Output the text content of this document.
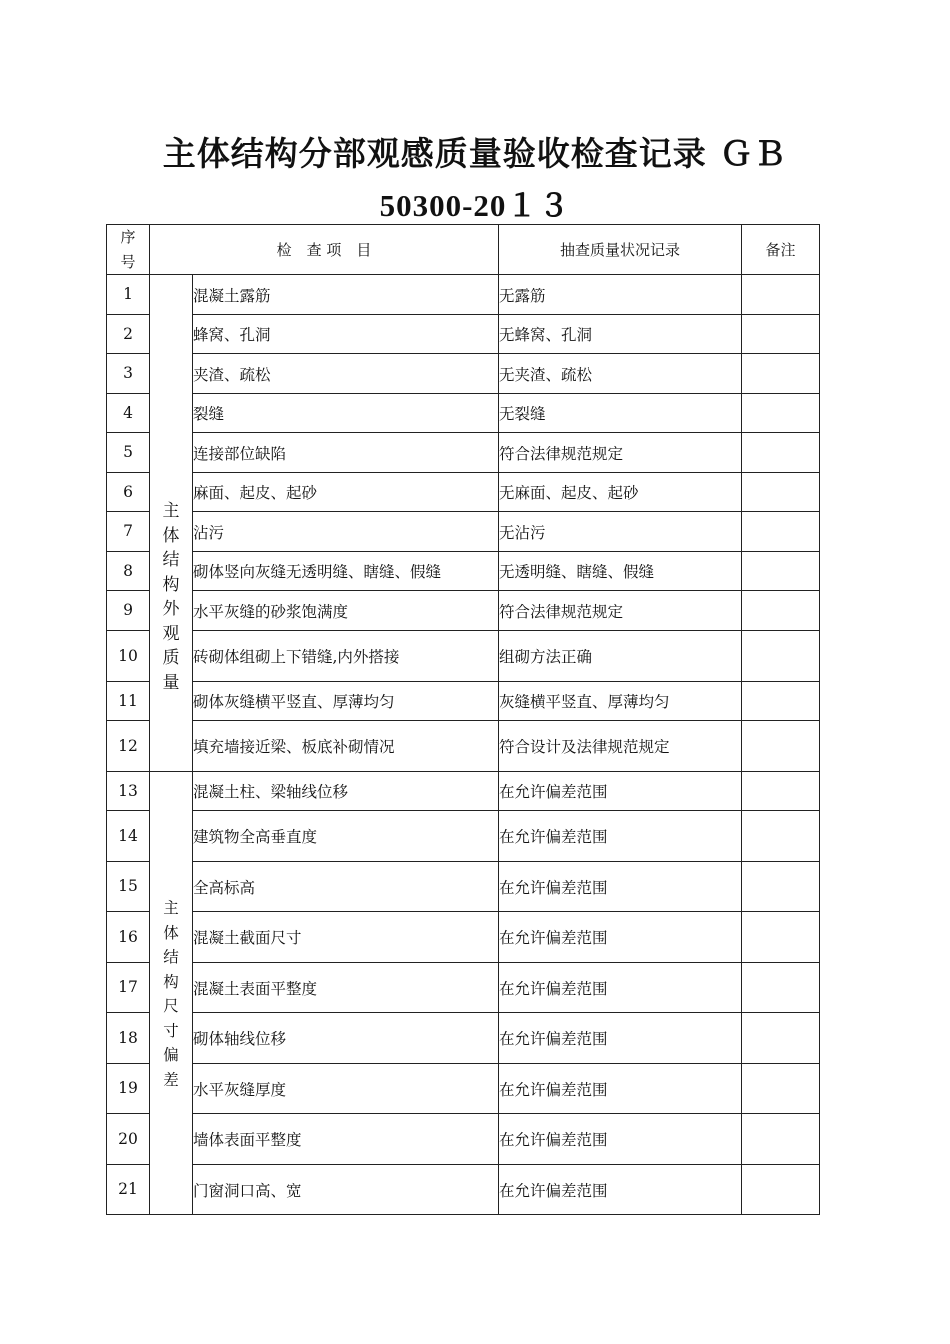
主体结构分部观感质量验收检查记录 ＧＢ
50300-20１３
序号	检　查 项　目		抽查质量状况记录	备注
1	主体结构外观质量	混凝土露筋	无露筋	
2		蜂窝、孔洞	无蜂窝、孔洞	
3		夹渣、疏松	无夹渣、疏松	
4		裂缝	无裂缝	
5		连接部位缺陷	符合法律规范规定	
6		麻面、起皮、起砂	无麻面、起皮、起砂	
7		沾污	无沾污	
8		砌体竖向灰缝无透明缝、瞎缝、假缝	无透明缝、瞎缝、假缝	
9		水平灰缝的砂浆饱满度	符合法律规范规定	
10		砖砌体组砌上下错缝,内外搭接	组砌方法正确	
11		砌体灰缝横平竖直、厚薄均匀	灰缝横平竖直、厚薄均匀	
12		填充墙接近梁、板底补砌情况	符合设计及法律规范规定	
13	主体结构尺寸偏差	混凝土柱、梁轴线位移	在允许偏差范围	
14		建筑物全高垂直度	在允许偏差范围	
15		全高标高	在允许偏差范围	
16		混凝土截面尺寸	在允许偏差范围	
17		混凝土表面平整度	在允许偏差范围	
18		砌体轴线位移	在允许偏差范围	
19		水平灰缝厚度	在允许偏差范围	
20		墙体表面平整度	在允许偏差范围	
21		门窗洞口高、宽	在允许偏差范围	
